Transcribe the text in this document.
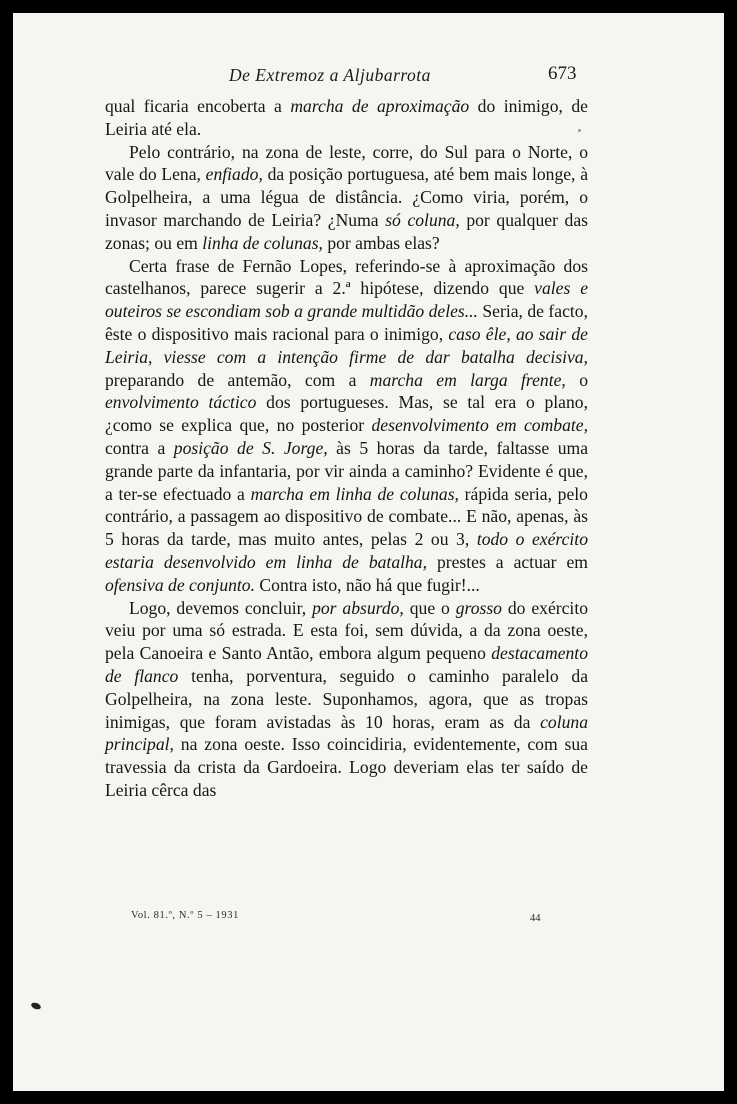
De Extremoz a Aljubarrota	673

qual ficaria encoberta a marcha de aproximação do inimigo, de Leiria até ela.

Pelo contrário, na zona de leste, corre, do Sul para o Norte, o vale do Lena, enfiado, da posição portuguesa, até bem mais longe, à Golpelheira, a uma légua de distância. ¿Como viria, porém, o invasor marchando de Leiria? ¿Numa só coluna, por qualquer das zonas; ou em linha de colunas, por ambas elas?

Certa frase de Fernão Lopes, referindo-se à aproximação dos castelhanos, parece sugerir a 2.ª hipótese, dizendo que vales e outeiros se escondiam sob a grande multidão deles... Seria, de facto, êste o dispositivo mais racional para o inimigo, caso êle, ao sair de Leiria, viesse com a intenção firme de dar batalha decisiva, preparando de antemão, com a marcha em larga frente, o envolvimento táctico dos portugueses. Mas, se tal era o plano, ¿como se explica que, no posterior desenvolvimento em combate, contra a posição de S. Jorge, às 5 horas da tarde, faltasse uma grande parte da infantaria, por vir ainda a caminho? Evidente é que, a ter-se efectuado a marcha em linha de colunas, rápida seria, pelo contrário, a passagem ao dispositivo de combate... E não, apenas, às 5 horas da tarde, mas muito antes, pelas 2 ou 3, todo o exército estaria desenvolvido em linha de batalha, prestes a actuar em ofensiva de conjunto. Contra isto, não há que fugir!...

Logo, devemos concluir, por absurdo, que o grosso do exército veiu por uma só estrada. E esta foi, sem dúvida, a da zona oeste, pela Canoeira e Santo Antão, embora algum pequeno destacamento de flanco tenha, porventura, seguido o caminho paralelo da Golpelheira, na zona leste. Suponhamos, agora, que as tropas inimigas, que foram avistadas às 10 horas, eram as da coluna principal, na zona oeste. Isso coincidiria, evidentemente, com sua travessia da crista da Gardoeira. Logo deveriam elas ter saído de Leiria cêrca das

Vol. 81.º, N.º 5 – 1931	44
